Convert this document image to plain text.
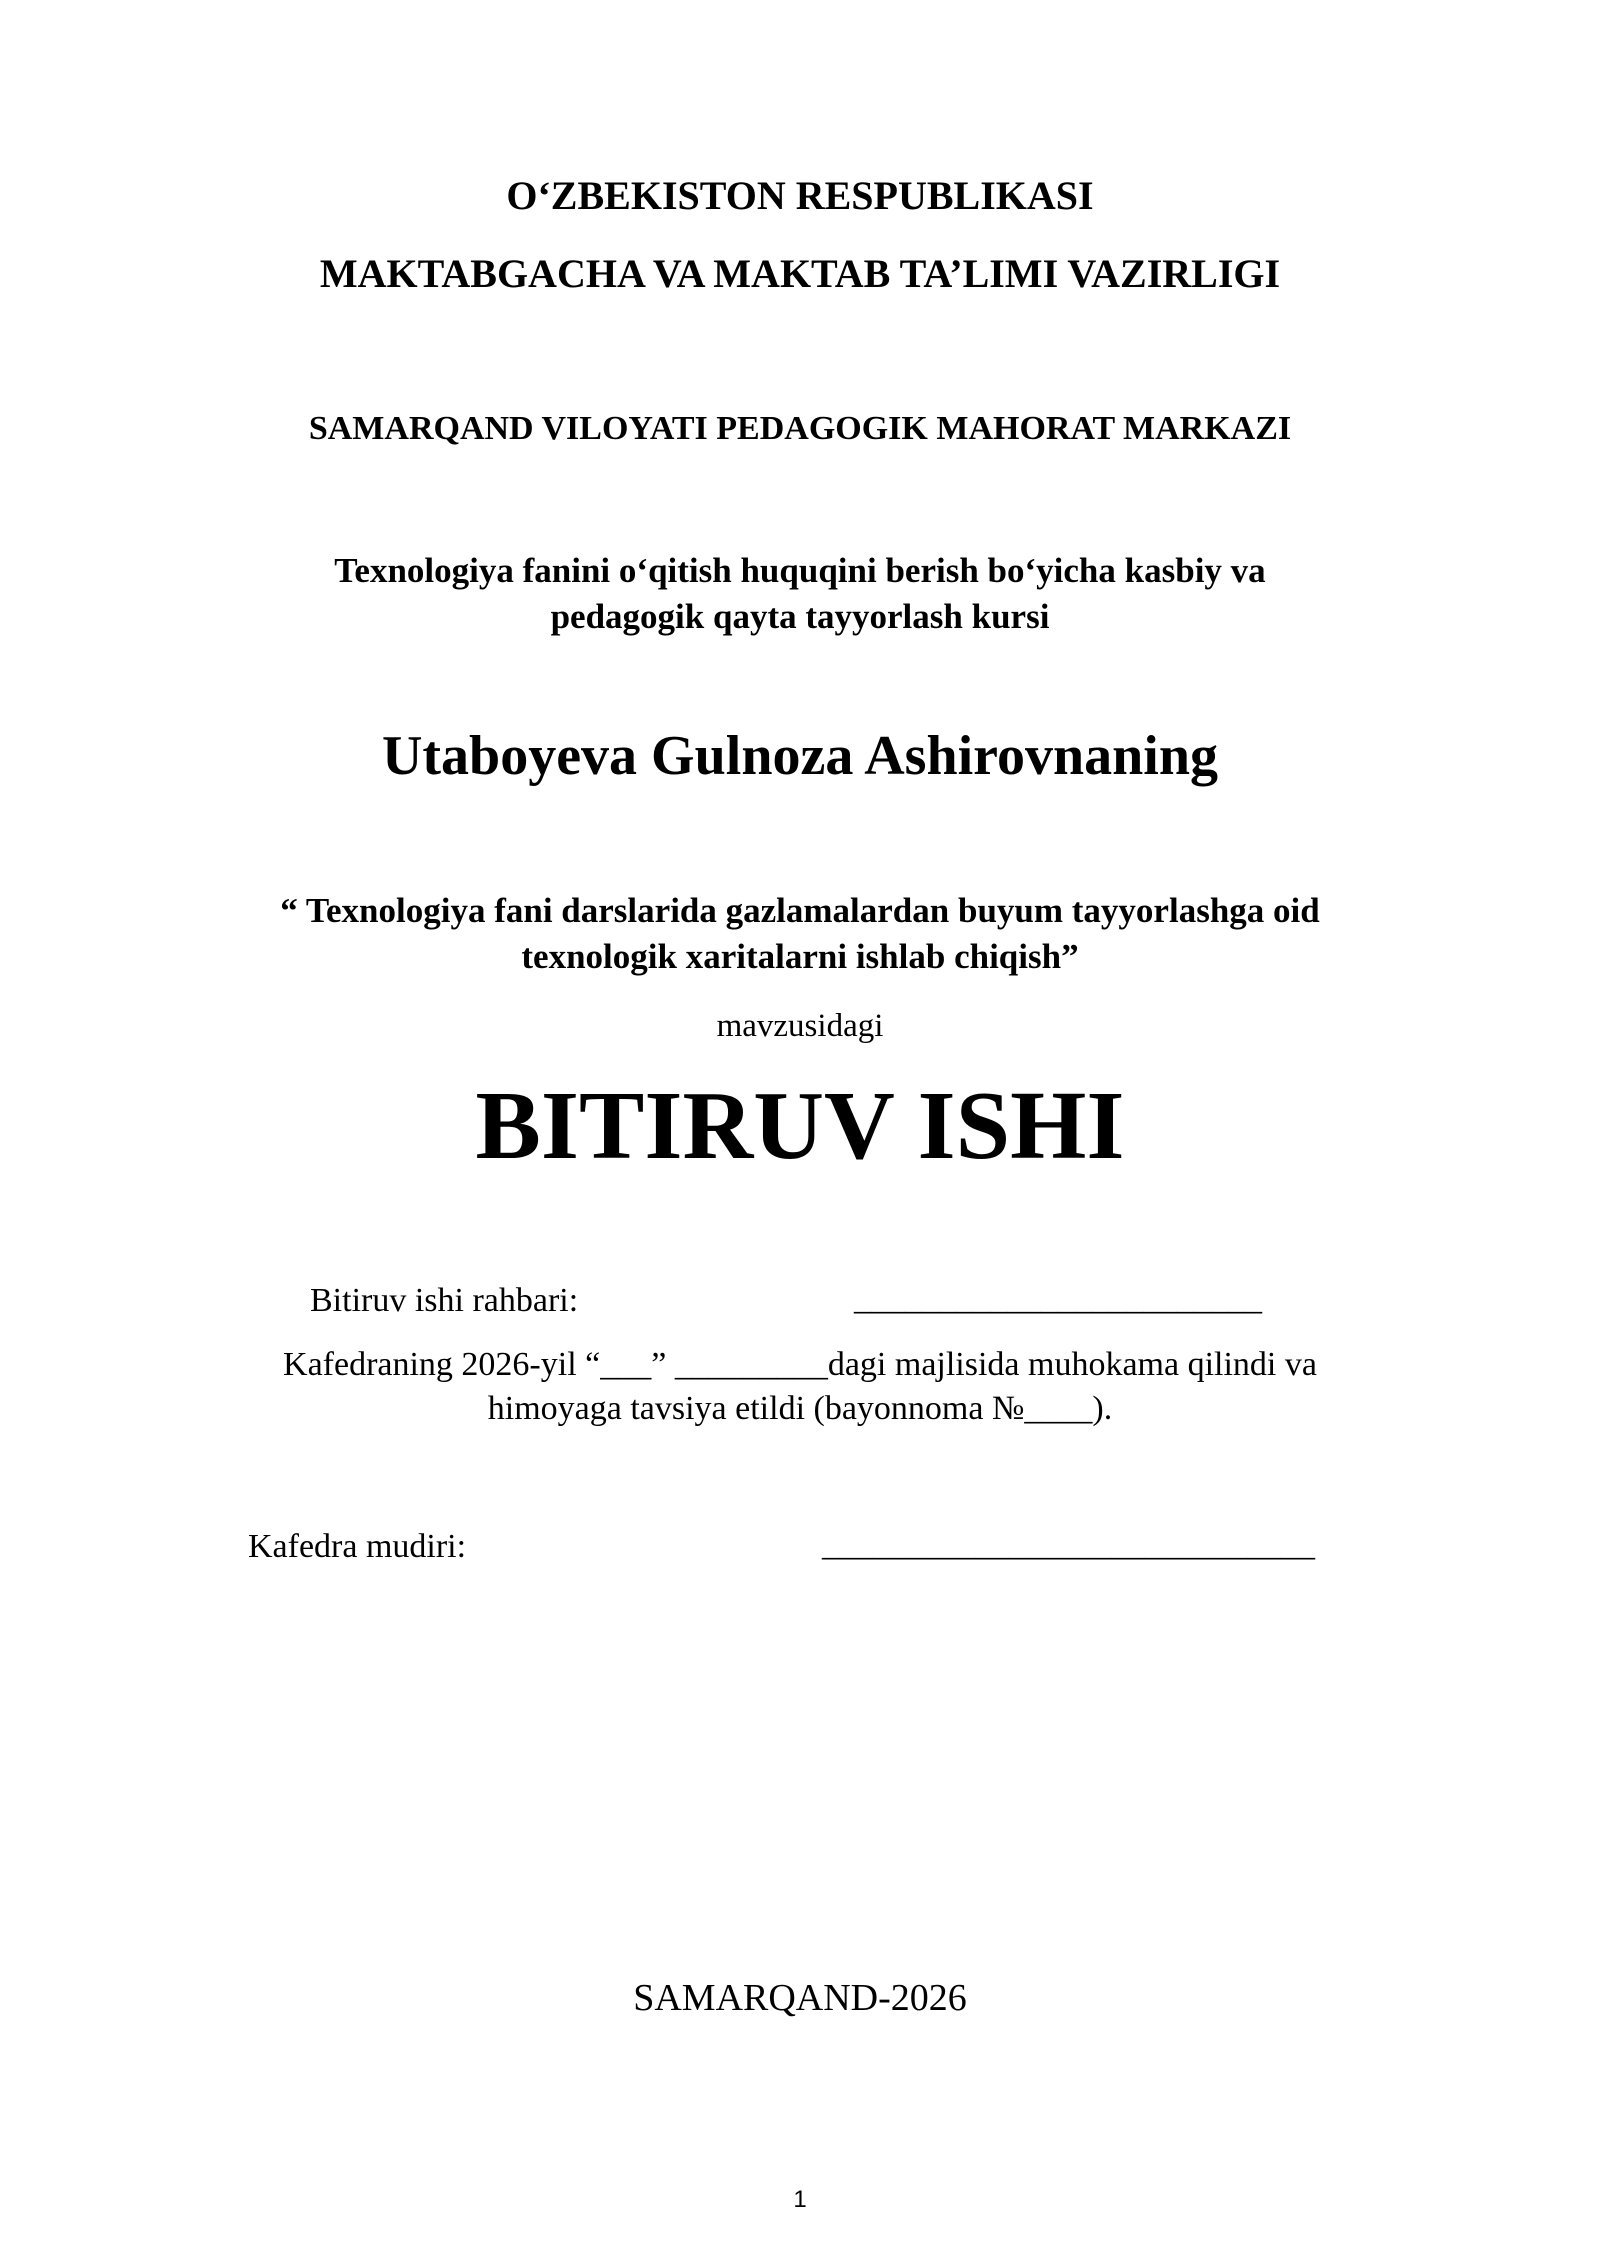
O‘ZBEKISTON RESPUBLIKASI
MAKTABGACHA VA MAKTAB TA’LIMI VAZIRLIGI
SAMARQAND VILOYATI PEDAGOGIK MAHORAT MARKAZI
Texnologiya fanini o‘qitish huquqini berish bo‘yicha kasbiy va
pedagogik qayta tayyorlash kursi
Utaboyeva Gulnoza Ashirovnaning
“ Texnologiya fani darslarida gazlamalardan buyum tayyorlashga oid
texnologik xaritalarni ishlab chiqish”
mavzusidagi
BITIRUV ISHI
Bitiruv ishi rahbari:	________________________
Kafedraning 2026-yil “___” _________dagi majlisida muhokama qilindi va
himoyaga tavsiya etildi (bayonnoma №____).
Kafedra mudiri:	_____________________________
SAMARQAND-2026
1
